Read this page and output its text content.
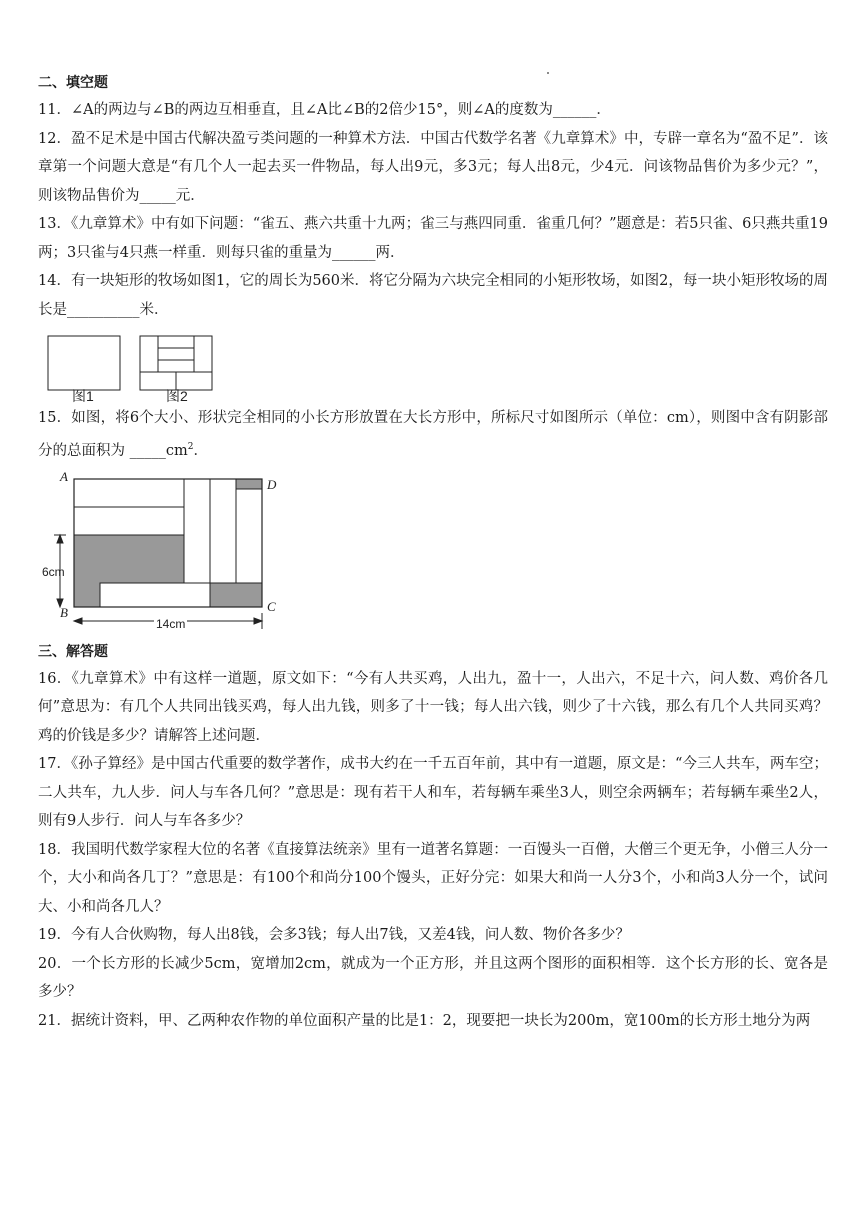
二、填空题

11．∠A的两边与∠B的两边互相垂直，且∠A比∠B的2倍少15°，则∠A的度数为______．

12．盈不足术是中国古代解决盈亏类问题的一种算术方法．中国古代数学名著《九章算术》中，专辟一章名为“盈不足”．该章第一个问题大意是“有几个人一起去买一件物品，每人出9元，多3元；每人出8元，少4元．问该物品售价为多少元？”，则该物品售价为_____元．

13．《九章算术》中有如下问题：“雀五、燕六共重十九两；雀三与燕四同重．雀重几何？”题意是：若5只雀、6只燕共重19两；3只雀与4只燕一样重．则每只雀的重量为______两．

14．有一块矩形的牧场如图1，它的周长为560米．将它分隔为六块完全相同的小矩形牧场，如图2，每一块小矩形牧场的周长是__________米．

图1	图2

15．如图，将6个大小、形状完全相同的小长方形放置在大长方形中，所标尺寸如图所示（单位：cm），则图中含有阴影部分的总面积为 $\_\_\_\_\_cm^2$．

A
D
B	C
6cm
14cm

三、解答题

16．《九章算术》中有这样一道题，原文如下：“今有人共买鸡，人出九，盈十一，人出六，不足十六，问人数、鸡价各几何”意思为：有几个人共同出钱买鸡，每人出九钱，则多了十一钱；每人出六钱，则少了十六钱，那么有几个人共同买鸡？鸡的价钱是多少？请解答上述问题．

17．《孙子算经》是中国古代重要的数学著作，成书大约在一千五百年前，其中有一道题，原文是：“今三人共车，两车空；二人共车，九人步．问人与车各几何？”意思是：现有若干人和车，若每辆车乘坐3人，则空余两辆车；若每辆车乘坐2人，则有9人步行．问人与车各多少？

18．我国明代数学家程大位的名著《直接算法统亲》里有一道著名算题：一百馒头一百僧，大僧三个更无争，小僧三人分一个，大小和尚各几丁？”意思是：有100个和尚分100个馒头，正好分完：如果大和尚一人分3个，小和尚3人分一个，试问大、小和尚各几人？

19．今有人合伙购物，每人出8钱，会多3钱；每人出7钱，又差4钱，问人数、物价各多少？

20．一个长方形的长减少5cm，宽增加2cm，就成为一个正方形，并且这两个图形的面积相等．这个长方形的长、宽各是多少？

21．据统计资料，甲、乙两种农作物的单位面积产量的比是1：2，现要把一块长为200m，宽100m的长方形土地分为两
